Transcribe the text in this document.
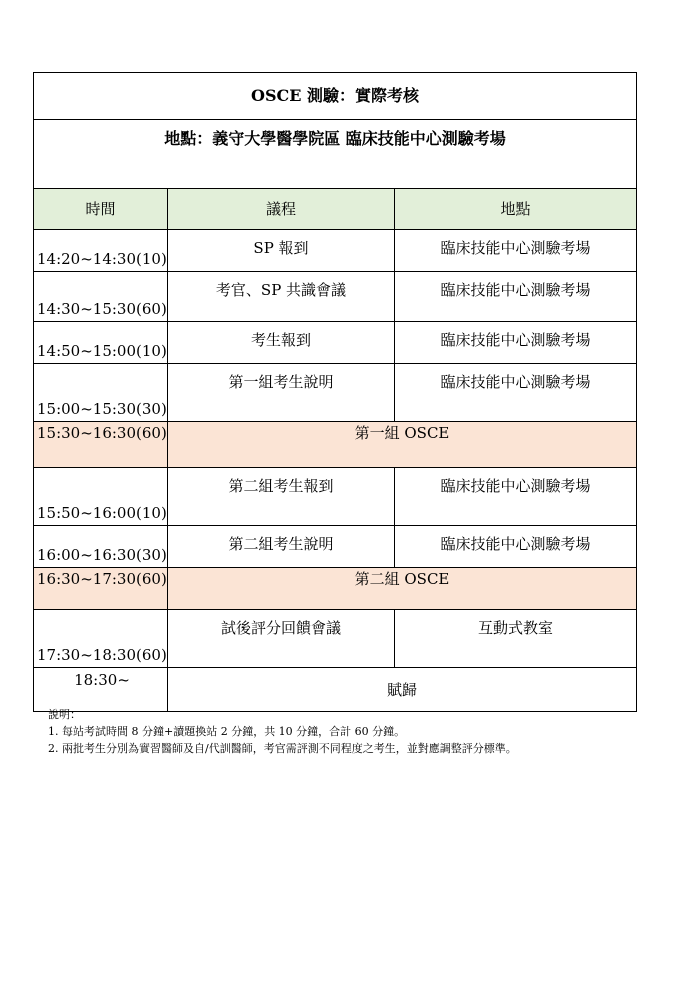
OSCE 測驗：實際考核		
地點：義守大學醫學院區 臨床技能中心測驗考場		
時間	議程	地點
14:20~14:30(10)	SP 報到	臨床技能中心測驗考場
14:30~15:30(60)	考官、SP 共識會議	臨床技能中心測驗考場
14:50~15:00(10)	考生報到	臨床技能中心測驗考場
15:00~15:30(30)	第一組考生說明	臨床技能中心測驗考場
15:30~16:30(60)	第一組 OSCE	
15:50~16:00(10)	第二組考生報到	臨床技能中心測驗考場
16:00~16:30(30)	第二組考生說明	臨床技能中心測驗考場
16:30~17:30(60)	第二組 OSCE	
17:30~18:30(60)	試後評分回饋會議	互動式教室
18:30~	賦歸	
說明：
1. 每站考試時間 8 分鐘+讀題換站 2 分鐘，共 10 分鐘，合計 60 分鐘。
2. 兩批考生分別為實習醫師及自/代訓醫師，考官需評測不同程度之考生，並對應調整評分標準。
